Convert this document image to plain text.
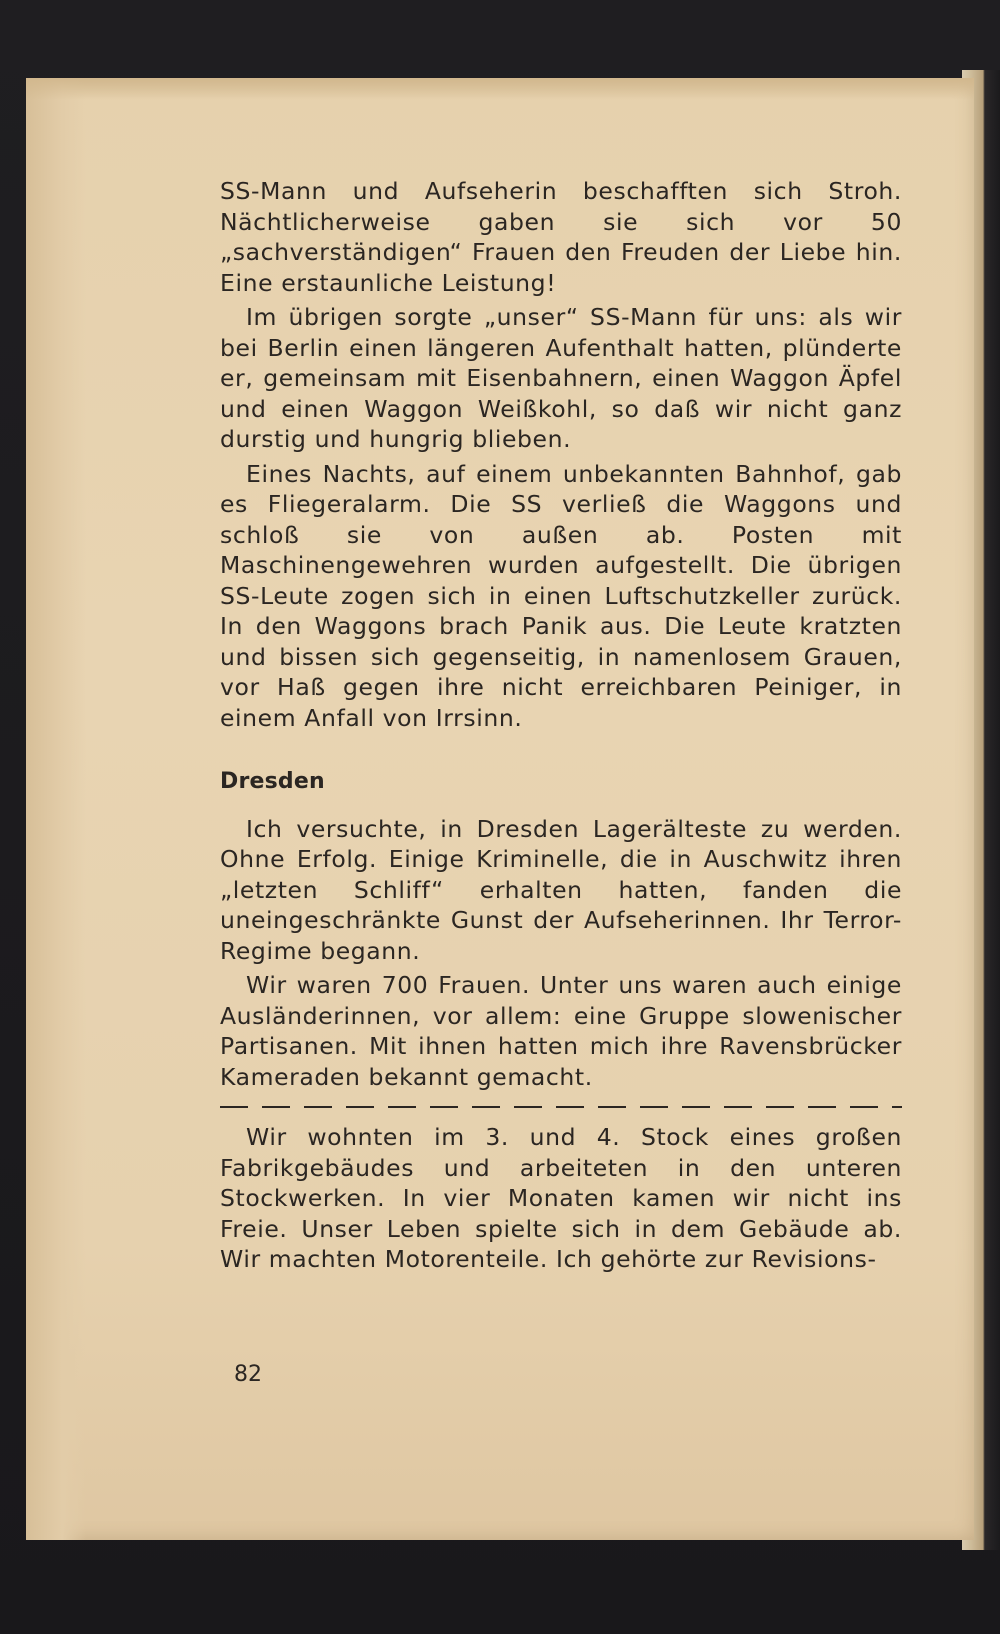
SS-Mann und Aufseherin beschafften sich Stroh. Nächtlicherweise gaben sie sich vor 50 „sachverständigen“ Frauen den Freuden der Liebe hin. Eine erstaunliche Leistung!

Im übrigen sorgte „unser“ SS-Mann für uns: als wir bei Berlin einen längeren Aufenthalt hatten, plünderte er, gemeinsam mit Eisenbahnern, einen Waggon Äpfel und einen Waggon Weißkohl, so daß wir nicht ganz durstig und hungrig blieben.

Eines Nachts, auf einem unbekannten Bahnhof, gab es Fliegeralarm. Die SS verließ die Waggons und schloß sie von außen ab. Posten mit Maschinengewehren wurden aufgestellt. Die übrigen SS-Leute zogen sich in einen Luftschutzkeller zurück. In den Waggons brach Panik aus. Die Leute kratzten und bissen sich gegenseitig, in namenlosem Grauen, vor Haß gegen ihre nicht erreichbaren Peiniger, in einem Anfall von Irrsinn.

Dresden

Ich versuchte, in Dresden Lagerälteste zu werden. Ohne Erfolg. Einige Kriminelle, die in Auschwitz ihren „letzten Schliff“ erhalten hatten, fanden die uneingeschränkte Gunst der Aufseherinnen. Ihr Terror-Regime begann.

Wir waren 700 Frauen. Unter uns waren auch einige Ausländerinnen, vor allem: eine Gruppe slowenischer Partisanen. Mit ihnen hatten mich ihre Ravensbrücker Kameraden bekannt gemacht.

Wir wohnten im 3. und 4. Stock eines großen Fabrikgebäudes und arbeiteten in den unteren Stockwerken. In vier Monaten kamen wir nicht ins Freie. Unser Leben spielte sich in dem Gebäude ab. Wir machten Motorenteile. Ich gehörte zur Revisions-

82
